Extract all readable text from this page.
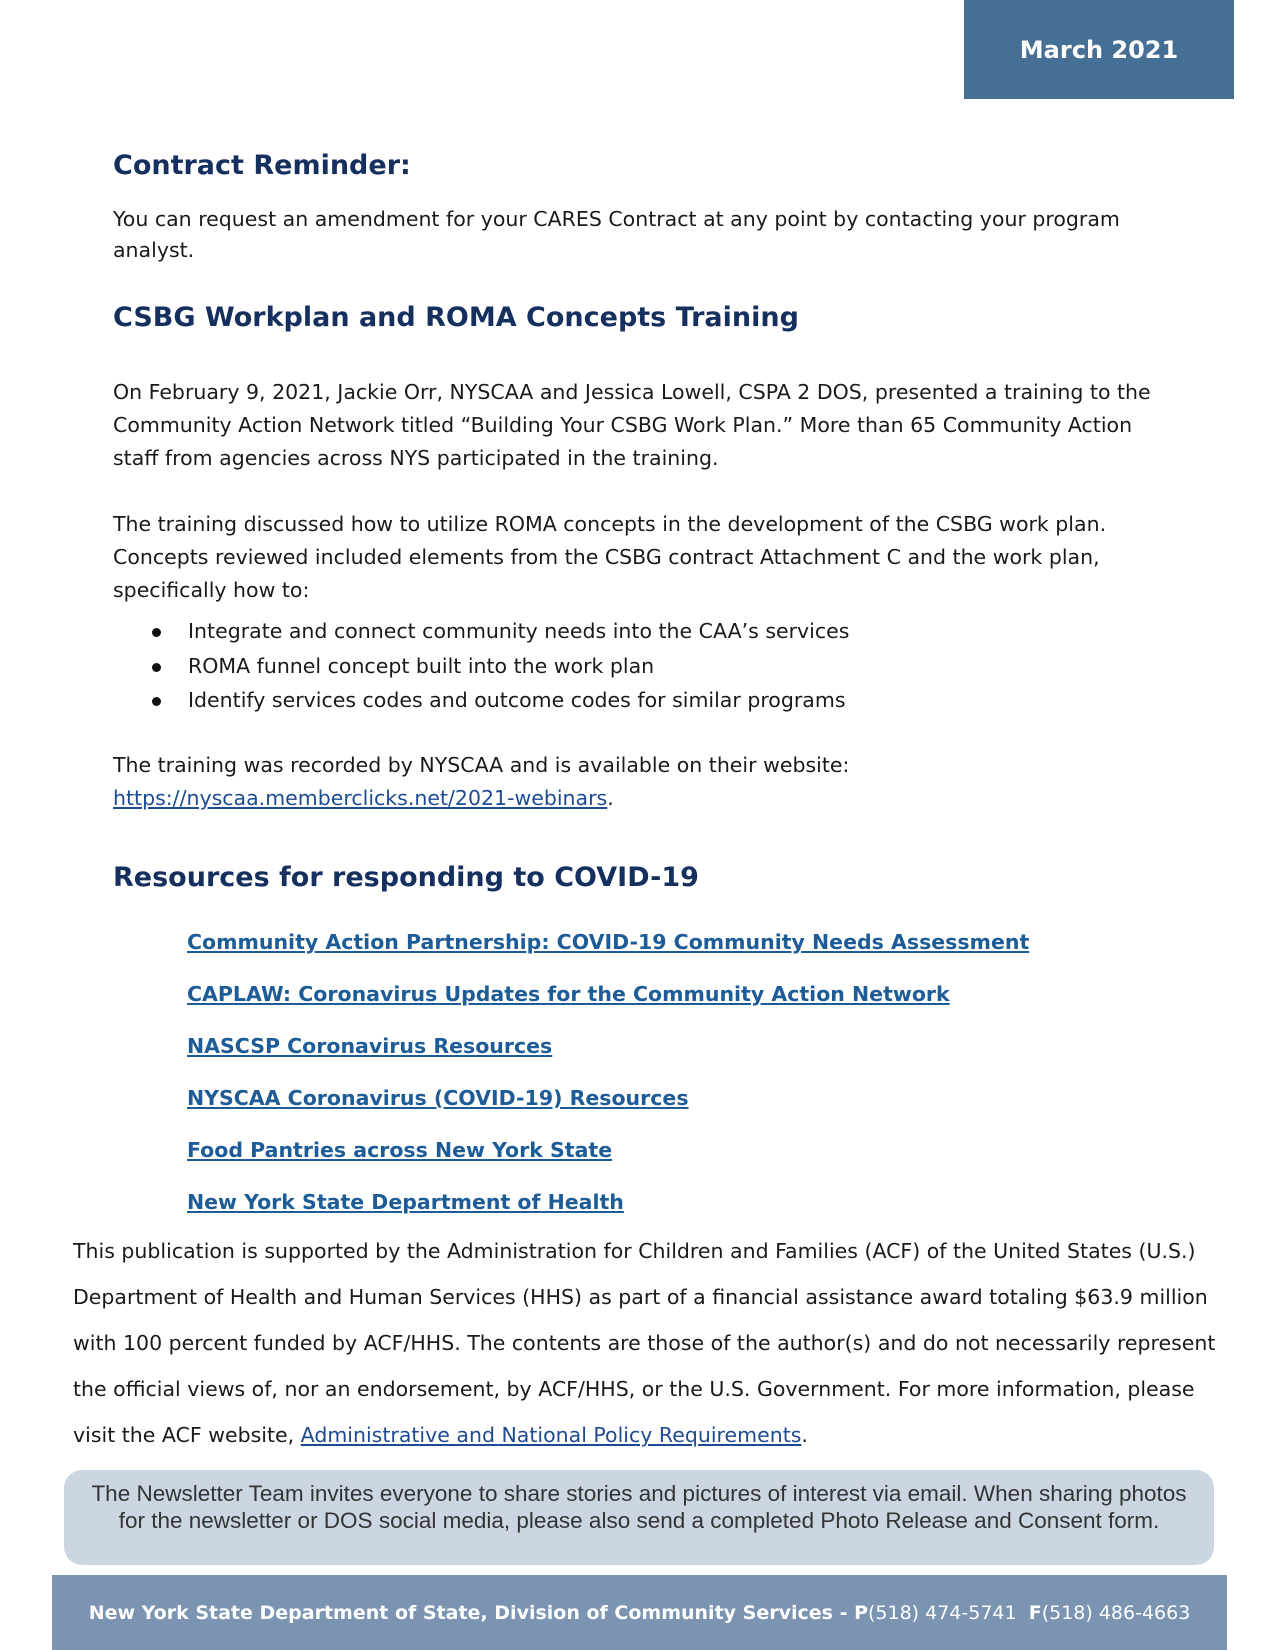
March 2021
Contract Reminder:

You can request an amendment for your CARES Contract at any point by contacting your program
analyst.

CSBG Workplan and ROMA Concepts Training

On February 9, 2021, Jackie Orr, NYSCAA and Jessica Lowell, CSPA 2 DOS, presented a training to the
Community Action Network titled “Building Your CSBG Work Plan.” More than 65 Community Action
staff from agencies across NYS participated in the training.

The training discussed how to utilize ROMA concepts in the development of the CSBG work plan.
Concepts reviewed included elements from the CSBG contract Attachment C and the work plan,
specifically how to:

Integrate and connect community needs into the CAA’s services
ROMA funnel concept built into the work plan
Identify services codes and outcome codes for similar programs

The training was recorded by NYSCAA and is available on their website:
https://nyscaa.memberclicks.net/2021-webinars.

Resources for responding to COVID-19
Community Action Partnership: COVID-19 Community Needs Assessment
CAPLAW: Coronavirus Updates for the Community Action Network
NASCSP Coronavirus Resources
NYSCAA Coronavirus (COVID-19) Resources
Food Pantries across New York State
New York State Department of Health

This publication is supported by the Administration for Children and Families (ACF) of the United States (U.S.)
Department of Health and Human Services (HHS) as part of a financial assistance award totaling $63.9 million
with 100 percent funded by ACF/HHS. The contents are those of the author(s) and do not necessarily represent
the official views of, nor an endorsement, by ACF/HHS, or the U.S. Government. For more information, please
visit the ACF website, Administrative and National Policy Requirements.

The Newsletter Team invites everyone to share stories and pictures of interest via email. When sharing photos
for the newsletter or DOS social media, please also send a completed Photo Release and Consent form.
New York State Department of State, Division of Community Services - P (518) 474-5741
F (518) 486-4663
